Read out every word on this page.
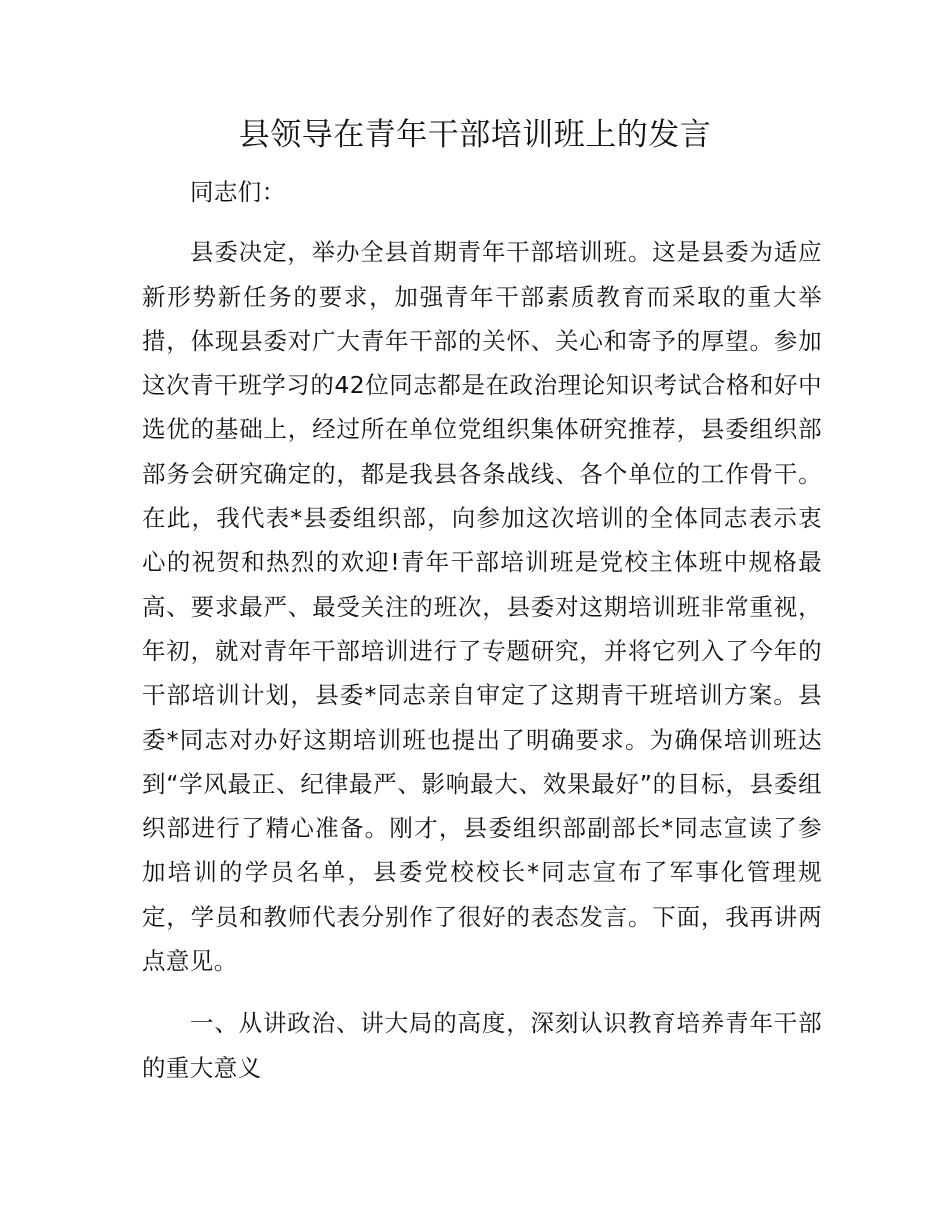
县领导在青年干部培训班上的发言

同志们：

县委决定，举办全县首期青年干部培训班。这是县委为适应新形势新任务的要求，加强青年干部素质教育而采取的重大举措，体现县委对广大青年干部的关怀、关心和寄予的厚望。参加这次青干班学习的42位同志都是在政治理论知识考试合格和好中选优的基础上，经过所在单位党组织集体研究推荐，县委组织部部务会研究确定的，都是我县各条战线、各个单位的工作骨干。在此，我代表*县委组织部，向参加这次培训的全体同志表示衷心的祝贺和热烈的欢迎!青年干部培训班是党校主体班中规格最高、要求最严、最受关注的班次，县委对这期培训班非常重视，年初，就对青年干部培训进行了专题研究，并将它列入了今年的干部培训计划，县委*同志亲自审定了这期青干班培训方案。县委*同志对办好这期培训班也提出了明确要求。为确保培训班达到“学风最正、纪律最严、影响最大、效果最好”的目标，县委组织部进行了精心准备。刚才，县委组织部副部长*同志宣读了参加培训的学员名单，县委党校校长*同志宣布了军事化管理规定，学员和教师代表分别作了很好的表态发言。下面，我再讲两点意见。

一、从讲政治、讲大局的高度，深刻认识教育培养青年干部的重大意义
